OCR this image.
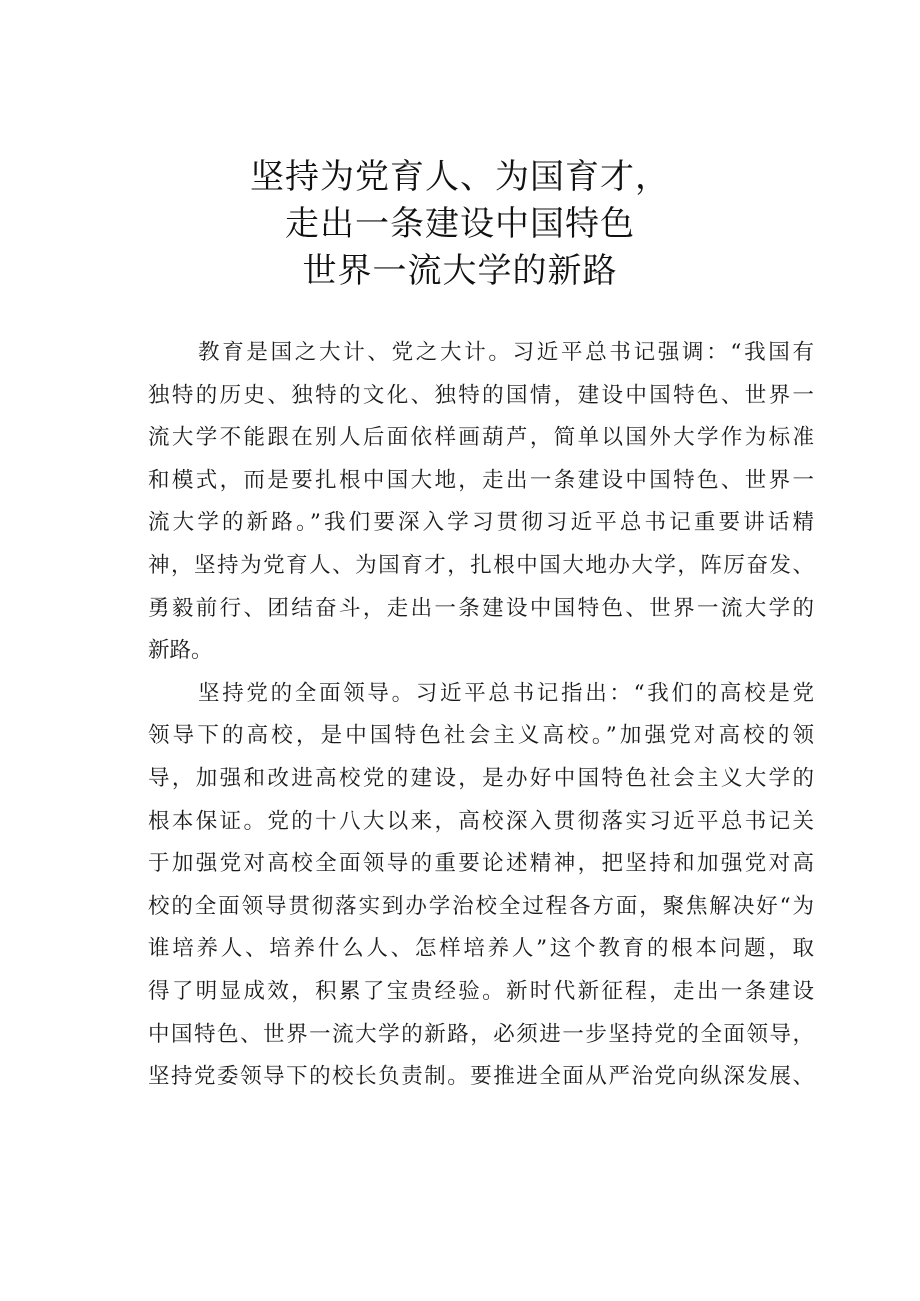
坚持为党育人、为国育才，
走出一条建设中国特色
世界一流大学的新路

教育是国之大计、党之大计。习近平总书记强调：“我国有
独特的历史、独特的文化、独特的国情，建设中国特色、世界一
流大学不能跟在别人后面依样画葫芦，简单以国外大学作为标准
和模式，而是要扎根中国大地，走出一条建设中国特色、世界一
流大学的新路。”我们要深入学习贯彻习近平总书记重要讲话精
神，坚持为党育人、为国育才，扎根中国大地办大学，阵厉奋发、
勇毅前行、团结奋斗，走出一条建设中国特色、世界一流大学的
新路。

坚持党的全面领导。习近平总书记指出：“我们的高校是党
领导下的高校，是中国特色社会主义高校。”加强党对高校的领
导，加强和改进高校党的建设，是办好中国特色社会主义大学的
根本保证。党的十八大以来，高校深入贯彻落实习近平总书记关
于加强党对高校全面领导的重要论述精神，把坚持和加强党对高
校的全面领导贯彻落实到办学治校全过程各方面，聚焦解决好“为
谁培养人、培养什么人、怎样培养人”这个教育的根本问题，取
得了明显成效，积累了宝贵经验。新时代新征程，走出一条建设
中国特色、世界一流大学的新路，必须进一步坚持党的全面领导，
坚持党委领导下的校长负责制。要推进全面从严治党向纵深发展、
